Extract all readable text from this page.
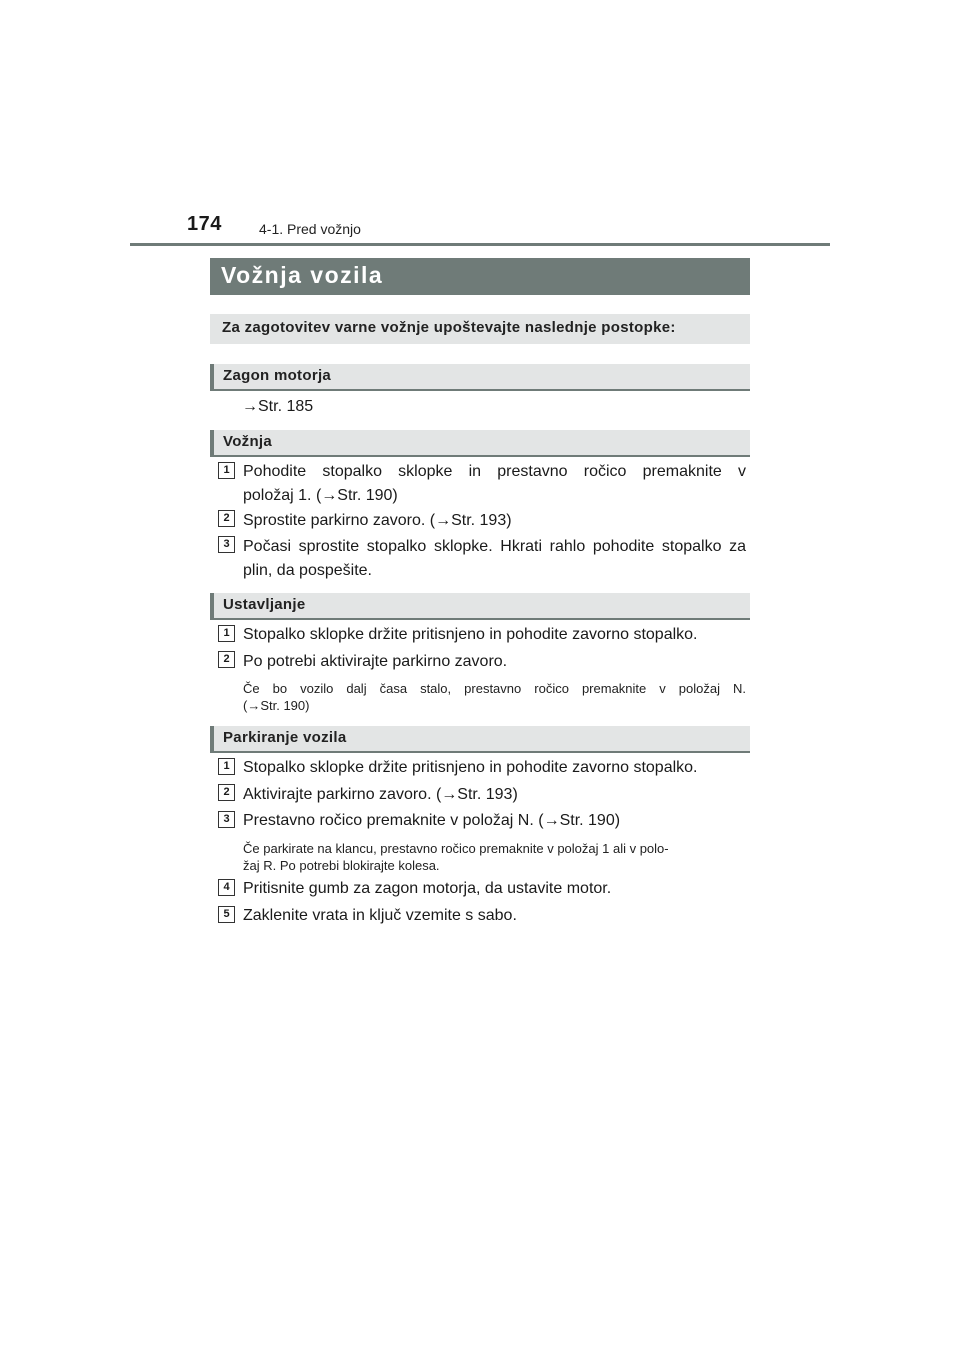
174	4-1. Pred vožnjo
Vožnja vozila
Za zagotovitev varne vožnje upoštevajte naslednje postopke:
Zagon motorja
→Str. 185
Vožnja
1 Pohodite stopalko sklopke in prestavno ročico premaknite v
položaj 1. (→Str. 190)
2 Sprostite parkirno zavoro. (→Str. 193)
3 Počasi sprostite stopalko sklopke. Hkrati rahlo pohodite stopalko za
plin, da pospešite.
Ustavljanje
1 Stopalko sklopke držite pritisnjeno in pohodite zavorno stopalko.
2 Po potrebi aktivirajte parkirno zavoro.
Če bo vozilo dalj časa stalo, prestavno ročico premaknite v položaj N.
(→Str. 190)
Parkiranje vozila
1 Stopalko sklopke držite pritisnjeno in pohodite zavorno stopalko.
2 Aktivirajte parkirno zavoro. (→Str. 193)
3 Prestavno ročico premaknite v položaj N. (→Str. 190)
Če parkirate na klancu, prestavno ročico premaknite v položaj 1 ali v polo-
žaj R. Po potrebi blokirajte kolesa.
4 Pritisnite gumb za zagon motorja, da ustavite motor.
5 Zaklenite vrata in ključ vzemite s sabo.
